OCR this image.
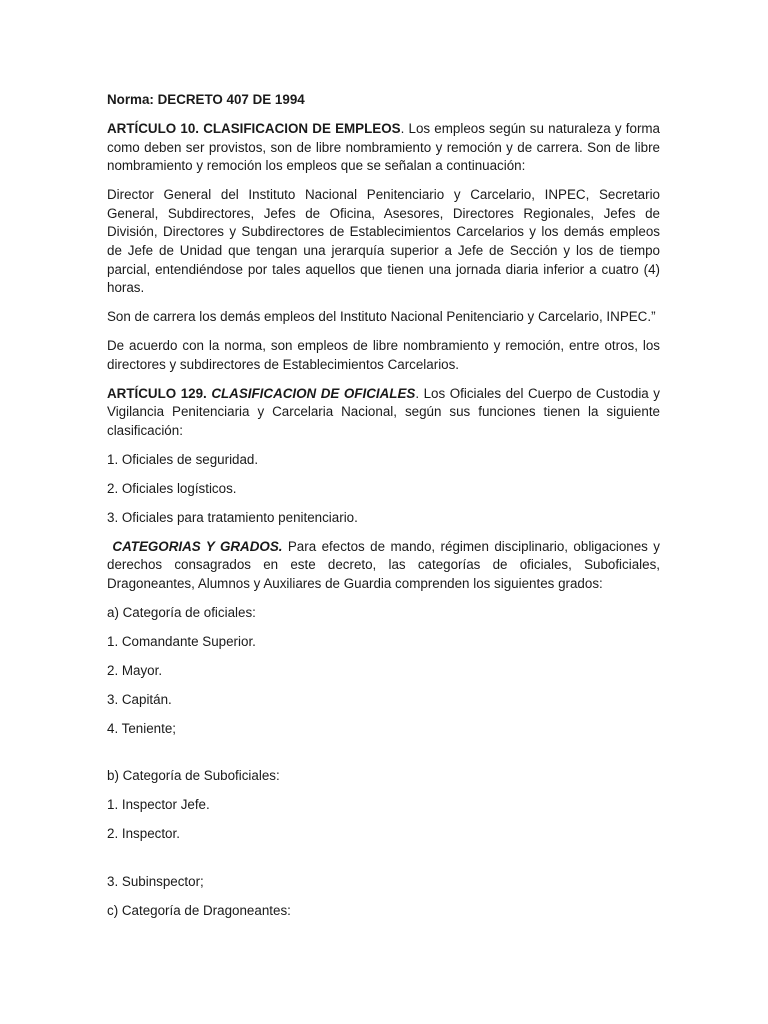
Norma: DECRETO 407 DE 1994

ARTÍCULO 10. CLASIFICACION DE EMPLEOS. Los empleos según su naturaleza y forma como deben ser provistos, son de libre nombramiento y remoción y de carrera. Son de libre nombramiento y remoción los empleos que se señalan a continuación:

Director General del Instituto Nacional Penitenciario y Carcelario, INPEC, Secretario General, Subdirectores, Jefes de Oficina, Asesores, Directores Regionales, Jefes de División, Directores y Subdirectores de Establecimientos Carcelarios y los demás empleos de Jefe de Unidad que tengan una jerarquía superior a Jefe de Sección y los de tiempo parcial, entendiéndose por tales aquellos que tienen una jornada diaria inferior a cuatro (4) horas.

Son de carrera los demás empleos del Instituto Nacional Penitenciario y Carcelario, INPEC.”

De acuerdo con la norma, son empleos de libre nombramiento y remoción, entre otros, los directores y subdirectores de Establecimientos Carcelarios.

ARTÍCULO 129. CLASIFICACION DE OFICIALES. Los Oficiales del Cuerpo de Custodia y Vigilancia Penitenciaria y Carcelaria Nacional, según sus funciones tienen la siguiente clasificación:

1. Oficiales de seguridad.

2. Oficiales logísticos.

3. Oficiales para tratamiento penitenciario.

CATEGORIAS Y GRADOS. Para efectos de mando, régimen disciplinario, obligaciones y derechos consagrados en este decreto, las categorías de oficiales, Suboficiales, Dragoneantes, Alumnos y Auxiliares de Guardia comprenden los siguientes grados:

a) Categoría de oficiales:

1. Comandante Superior.

2. Mayor.

3. Capitán.

4. Teniente;

b) Categoría de Suboficiales:

1. Inspector Jefe.

2. Inspector.

3. Subinspector;

c) Categoría de Dragoneantes:
